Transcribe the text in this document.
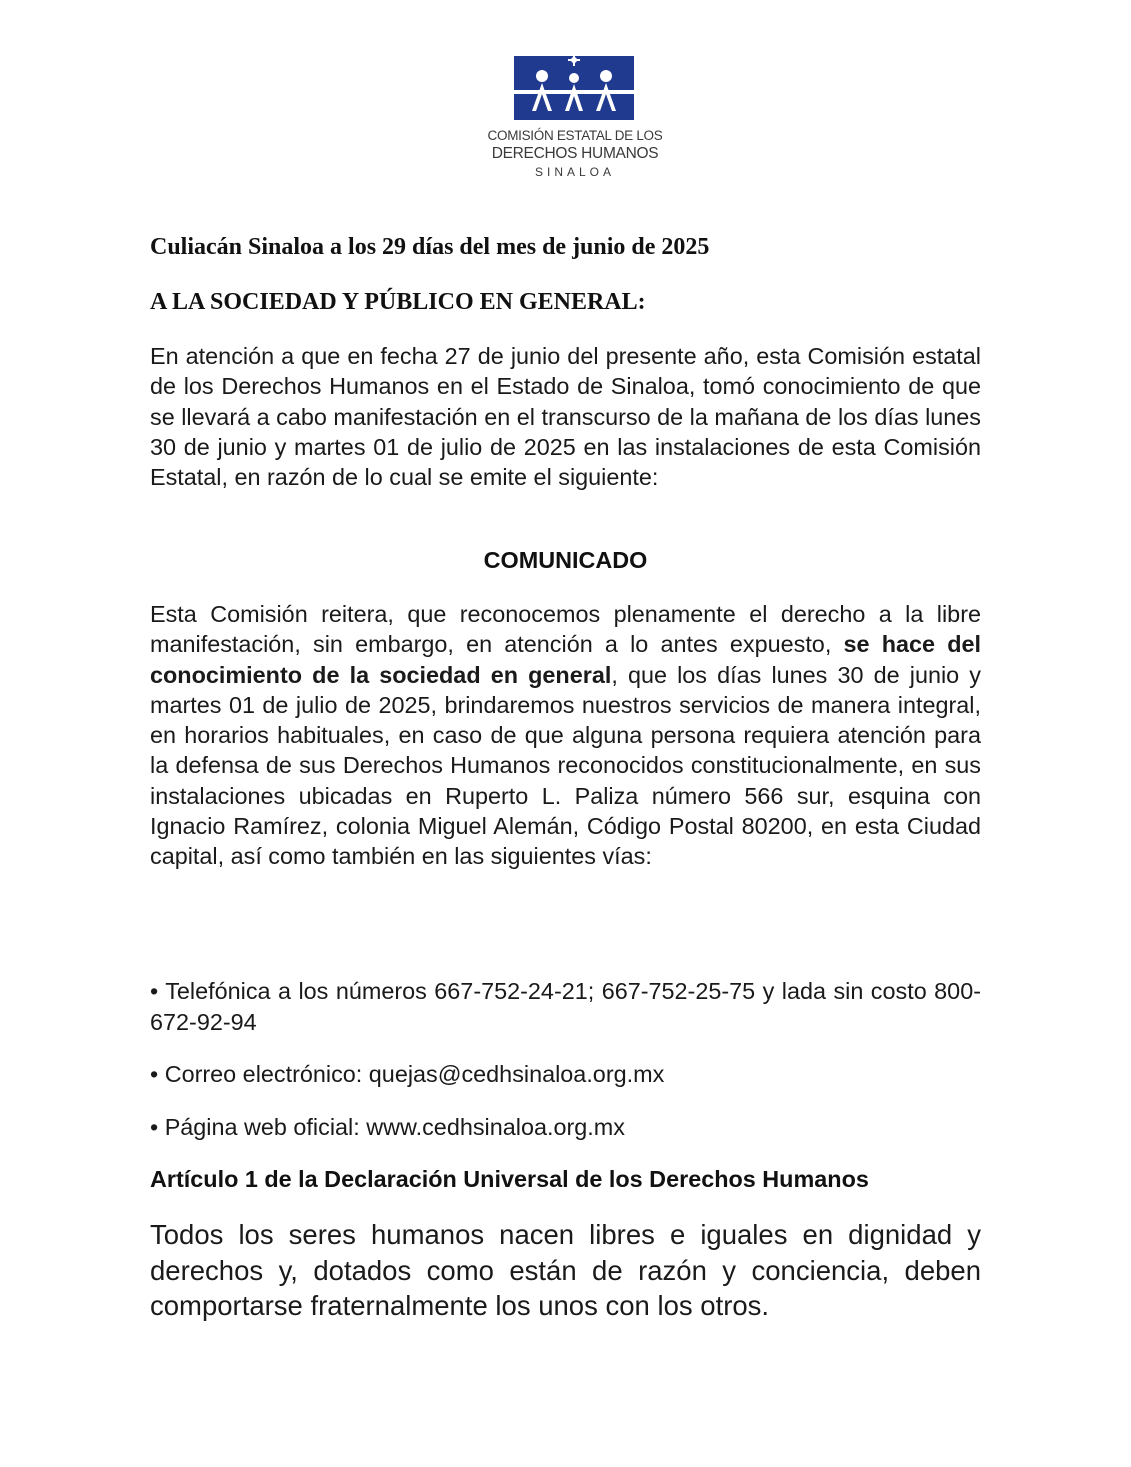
COMISIÓN ESTATAL DE LOS
DERECHOS HUMANOS
SINALOA
Culiacán Sinaloa a los 29 días del mes de junio de 2025
A LA SOCIEDAD Y PÚBLICO EN GENERAL:
En atención a que en fecha 27 de junio del presente año, esta Comisión estatal de los Derechos Humanos en el Estado de Sinaloa, tomó conocimiento de que se llevará a cabo manifestación en el transcurso de la mañana de los días lunes 30 de junio y martes 01 de julio de 2025 en las instalaciones de esta Comisión Estatal, en razón de lo cual se emite el siguiente:
COMUNICADO
Esta Comisión reitera, que reconocemos plenamente el derecho a la libre manifestación, sin embargo, en atención a lo antes expuesto, se hace del conocimiento de la sociedad en general, que los días lunes 30 de junio y martes 01 de julio de 2025, brindaremos nuestros servicios de manera integral, en horarios habituales, en caso de que alguna persona requiera atención para la defensa de sus Derechos Humanos reconocidos constitucionalmente, en sus instalaciones ubicadas en Ruperto L. Paliza número 566 sur, esquina con Ignacio Ramírez, colonia Miguel Alemán, Código Postal 80200, en esta Ciudad capital, así como también en las siguientes vías:
• Telefónica a los números 667-752-24-21; 667-752-25-75 y lada sin costo 800-672-92-94
• Correo electrónico: quejas@cedhsinaloa.org.mx
• Página web oficial: www.cedhsinaloa.org.mx
Artículo 1 de la Declaración Universal de los Derechos Humanos
Todos los seres humanos nacen libres e iguales en dignidad y derechos y, dotados como están de razón y conciencia, deben comportarse fraternalmente los unos con los otros.
